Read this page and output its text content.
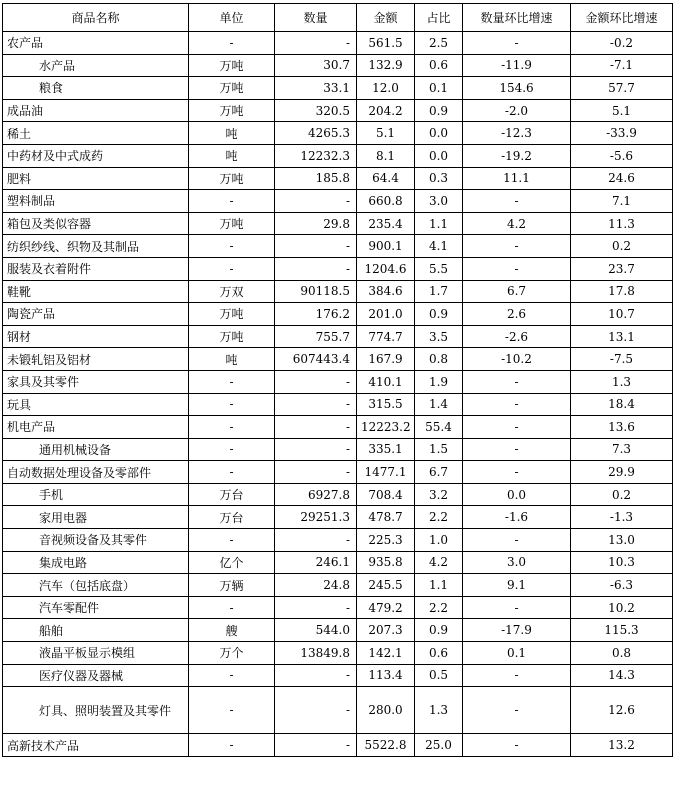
商品名称	单位	数量	金额	占比	数量环比增速	金额环比增速
农产品	-	-	561.5	2.5	-	-0.2
水产品	万吨	30.7	132.9	0.6	-11.9	-7.1
粮食	万吨	33.1	12.0	0.1	154.6	57.7
成品油	万吨	320.5	204.2	0.9	-2.0	5.1
稀土	吨	4265.3	5.1	0.0	-12.3	-33.9
中药材及中式成药	吨	12232.3	8.1	0.0	-19.2	-5.6
肥料	万吨	185.8	64.4	0.3	11.1	24.6
塑料制品	-	-	660.8	3.0	-	7.1
箱包及类似容器	万吨	29.8	235.4	1.1	4.2	11.3
纺织纱线、织物及其制品	-	-	900.1	4.1	-	0.2
服装及衣着附件	-	-	1204.6	5.5	-	23.7
鞋靴	万双	90118.5	384.6	1.7	6.7	17.8
陶瓷产品	万吨	176.2	201.0	0.9	2.6	10.7
钢材	万吨	755.7	774.7	3.5	-2.6	13.1
未锻轧铝及铝材	吨	607443.4	167.9	0.8	-10.2	-7.5
家具及其零件	-	-	410.1	1.9	-	1.3
玩具	-	-	315.5	1.4	-	18.4
机电产品	-	-	12223.2	55.4	-	13.6
通用机械设备	-	-	335.1	1.5	-	7.3
自动数据处理设备及零部件	-	-	1477.1	6.7	-	29.9
手机	万台	6927.8	708.4	3.2	0.0	0.2
家用电器	万台	29251.3	478.7	2.2	-1.6	-1.3
音视频设备及其零件	-	-	225.3	1.0	-	13.0
集成电路	亿个	246.1	935.8	4.2	3.0	10.3
汽车（包括底盘）	万辆	24.8	245.5	1.1	9.1	-6.3
汽车零配件	-	-	479.2	2.2	-	10.2
船舶	艘	544.0	207.3	0.9	-17.9	115.3
液晶平板显示模组	万个	13849.8	142.1	0.6	0.1	0.8
医疗仪器及器械	-	-	113.4	0.5	-	14.3
灯具、照明装置及其零件	-	-	280.0	1.3	-	12.6
高新技术产品	-	-	5522.8	25.0	-	13.2
